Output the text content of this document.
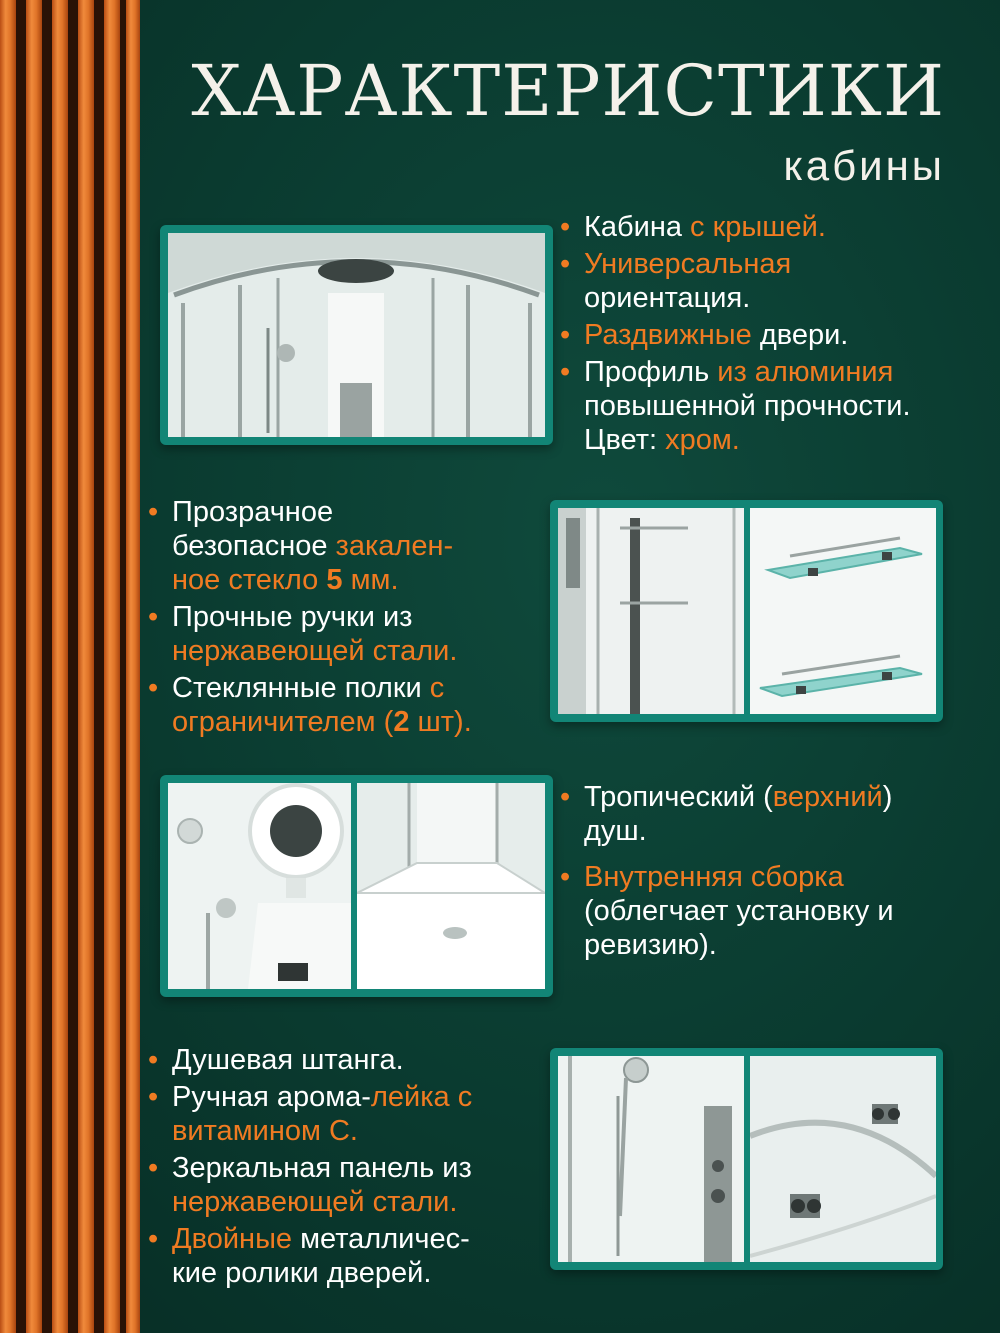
ХАРАКТЕРИСТИКИ
кабины
• Кабина с крышей.
• Универсальная
ориентация.
• Раздвижные двери.
• Профиль из алюминия
повышенной прочности.
Цвет: хром.
• Прозрачное
безопасное закален-
ное стекло 5 мм.
• Прочные ручки из
нержавеющей стали.
• Стеклянные полки с
ограничителем (2 шт).
• Тропический (верхний)
душ.
• Внутренняя сборка
(облегчает установку и
ревизию).
• Душевая штанга.
• Ручная арома-лейка с
витамином С.
• Зеркальная панель из
нержавеющей стали.
• Двойные металличес-
кие ролики дверей.
